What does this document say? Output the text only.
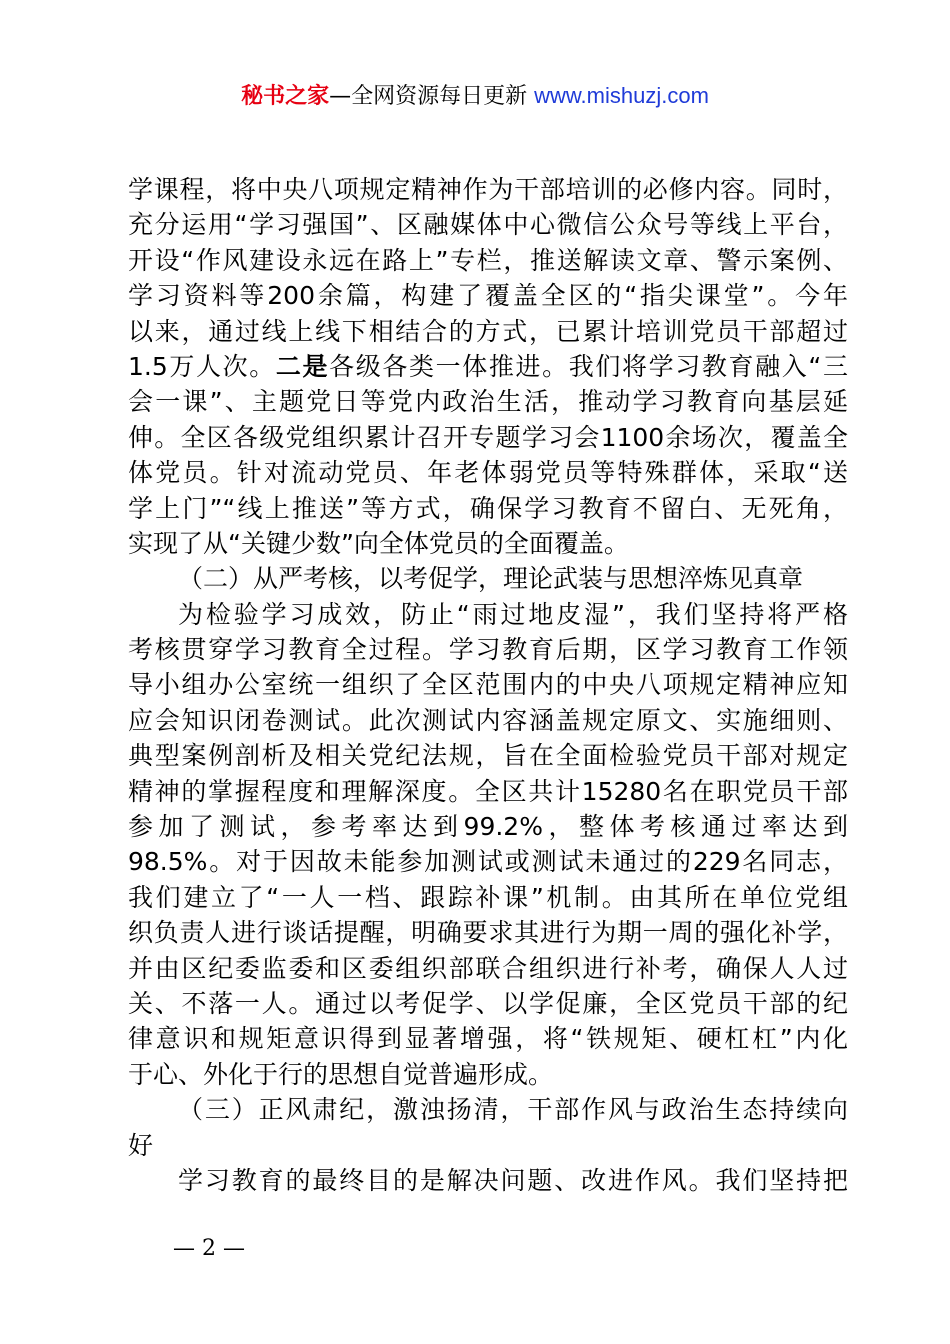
秘书之家—全网资源每日更新 www.mishuzj.com
学课程，将中央八项规定精神作为干部培训的必修内容。同时，
充分运用“学习强国”、区融媒体中心微信公众号等线上平台，
开设“作风建设永远在路上”专栏，推送解读文章、警示案例、
学习资料等200余篇，构建了覆盖全区的“指尖课堂”。今年
以来，通过线上线下相结合的方式，已累计培训党员干部超过
1.5万人次。二是各级各类一体推进。我们将学习教育融入“三
会一课”、主题党日等党内政治生活，推动学习教育向基层延
伸。全区各级党组织累计召开专题学习会1100余场次，覆盖全
体党员。针对流动党员、年老体弱党员等特殊群体，采取“送
学上门”“线上推送”等方式，确保学习教育不留白、无死角，
实现了从“关键少数”向全体党员的全面覆盖。
（二）从严考核，以考促学，理论武装与思想淬炼见真章
为检验学习成效，防止“雨过地皮湿”，我们坚持将严格
考核贯穿学习教育全过程。学习教育后期，区学习教育工作领
导小组办公室统一组织了全区范围内的中央八项规定精神应知
应会知识闭卷测试。此次测试内容涵盖规定原文、实施细则、
典型案例剖析及相关党纪法规，旨在全面检验党员干部对规定
精神的掌握程度和理解深度。全区共计15280名在职党员干部
参加了测试，参考率达到99.2%，整体考核通过率达到
98.5%。对于因故未能参加测试或测试未通过的229名同志，
我们建立了“一人一档、跟踪补课”机制。由其所在单位党组
织负责人进行谈话提醒，明确要求其进行为期一周的强化补学，
并由区纪委监委和区委组织部联合组织进行补考，确保人人过
关、不落一人。通过以考促学、以学促廉，全区党员干部的纪
律意识和规矩意识得到显著增强，将“铁规矩、硬杠杠”内化
于心、外化于行的思想自觉普遍形成。
（三）正风肃纪，激浊扬清，干部作风与政治生态持续向
好
学习教育的最终目的是解决问题、改进作风。我们坚持把
— 2 —
